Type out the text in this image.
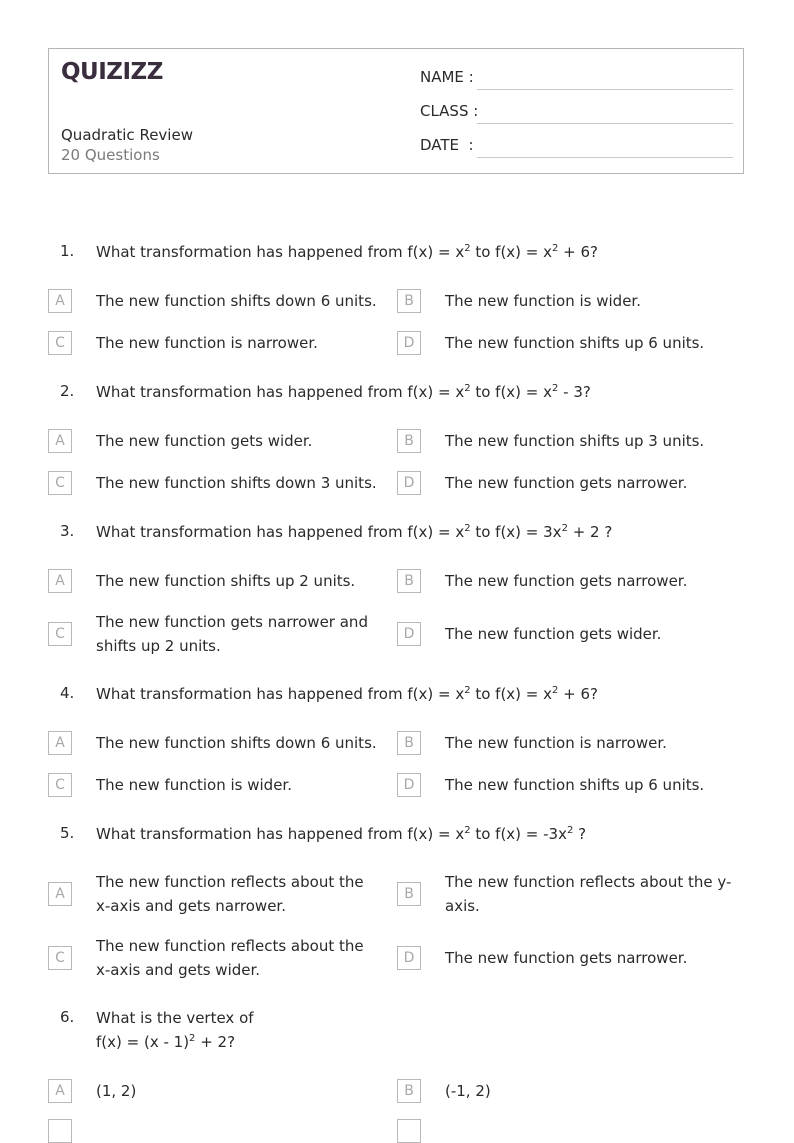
QUIZIZZ
Quadratic Review
20 Questions
NAME :
CLASS :
DATE  :
1. What transformation has happened from $f(x) = x^2$ to $f(x) = x^2 + 6$?
A	The new function shifts down 6 units.	B	The new function is wider.
C	The new function is narrower.	D	The new function shifts up 6 units.
2. What transformation has happened from $f(x) = x^2$ to $f(x) = x^2 - 3$?
A	The new function gets wider.	B	The new function shifts up 3 units.
C	The new function shifts down 3 units.	D	The new function gets narrower.
3. What transformation has happened from $f(x) = x^2$ to $f(x) = 3x^2 + 2$ ?
A	The new function shifts up 2 units.	B	The new function gets narrower.
C
The new function gets narrower and shifts up 2 units.
D	The new function gets wider.
4. What transformation has happened from $f(x) = x^2$ to $f(x) = x^2 + 6$?
A	The new function shifts down 6 units.	B	The new function is narrower.
C	The new function is wider.	D	The new function shifts up 6 units.
5. What transformation has happened from $f(x) = x^2$ to $f(x) = -3x^2$ ?
A
The new function reflects about the x-axis and gets narrower.
B
The new function reflects about the y-axis.
C
The new function reflects about the x-axis and gets wider.
D	The new function gets narrower.
6. What is the vertex of
f(x) = (x - 1)$^2$ + 2?
A	(1, 2)	B	(-1, 2)
